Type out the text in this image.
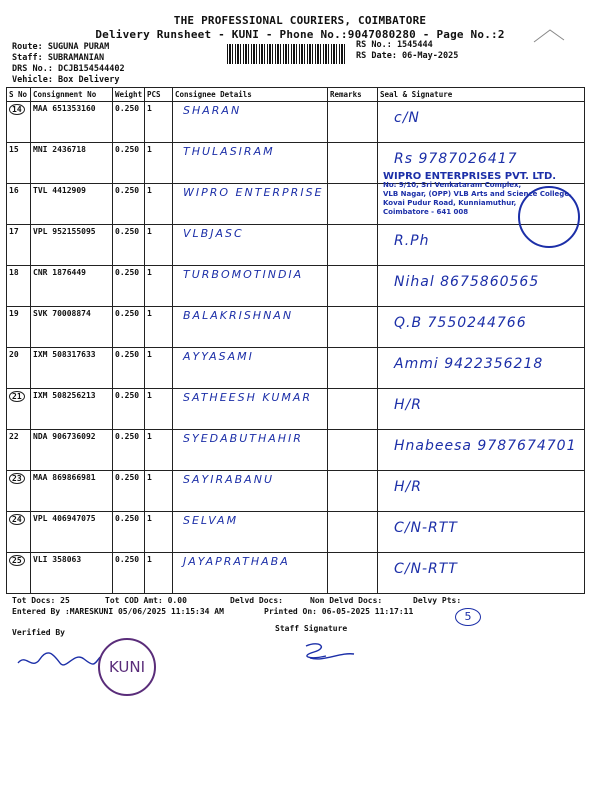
THE PROFESSIONAL COURIERS, COIMBATORE
Delivery Runsheet - KUNI - Phone No.:9047080280 - Page No.:2
Route: SUGUNA PURAM
Staff: SUBRAMANIAN
DRS No.: DCJB154544402
Vehicle: Box Delivery
RS No.: 1545444
RS Date: 06-May-2025
S No	Consignment No	Weight	PCS	Consignee Details	Remarks	Seal & Signature
14	MAA 651353160	0.250	1	SHARAN		c/N
15	MNI 2436718	0.250	1	THULASIRAM		Rs 9787026417
16	TVL 4412909	0.250	1	WIPRO ENTERPRISE		
17	VPL 952155095	0.250	1	VLBJASC		R.Ph
18	CNR 1876449	0.250	1	TURBOMOTINDIA		Nihal 8675860565
19	SVK 70008874	0.250	1	BALAKRISHNAN		Q.B 7550244766
20	IXM 508317633	0.250	1	AYYASAMI		Ammi 9422356218
21	IXM 508256213	0.250	1	SATHEESH KUMAR		H/R
22	NDA 906736092	0.250	1	SYEDABUTHAHIR		Hnabeesa 9787674701
23	MAA 869866981	0.250	1	SAYIRABANU		H/R
24	VPL 406947075	0.250	1	SELVAM		C/N-RTT
25	VLI 358063	0.250	1	JAYAPRATHABA		C/N-RTT
WIPRO ENTERPRISES PVT. LTD.
No: 9/10, Sri Venkataram Complex,
VLB Nagar, (OPP) VLB Arts and Science College,
Kovai Pudur Road, Kunniamuthur,
Coimbatore - 641 008
Tot Docs: 25	Tot COD Amt: 0.00	Delvd Docs:	Non Delvd Docs:	Delvy Pts:
Entered By :MARESKUNI 05/06/2025 11:15:34 AM	Printed On: 06-05-2025 11:17:11	5
Verified By	Staff Signature
KUNI
